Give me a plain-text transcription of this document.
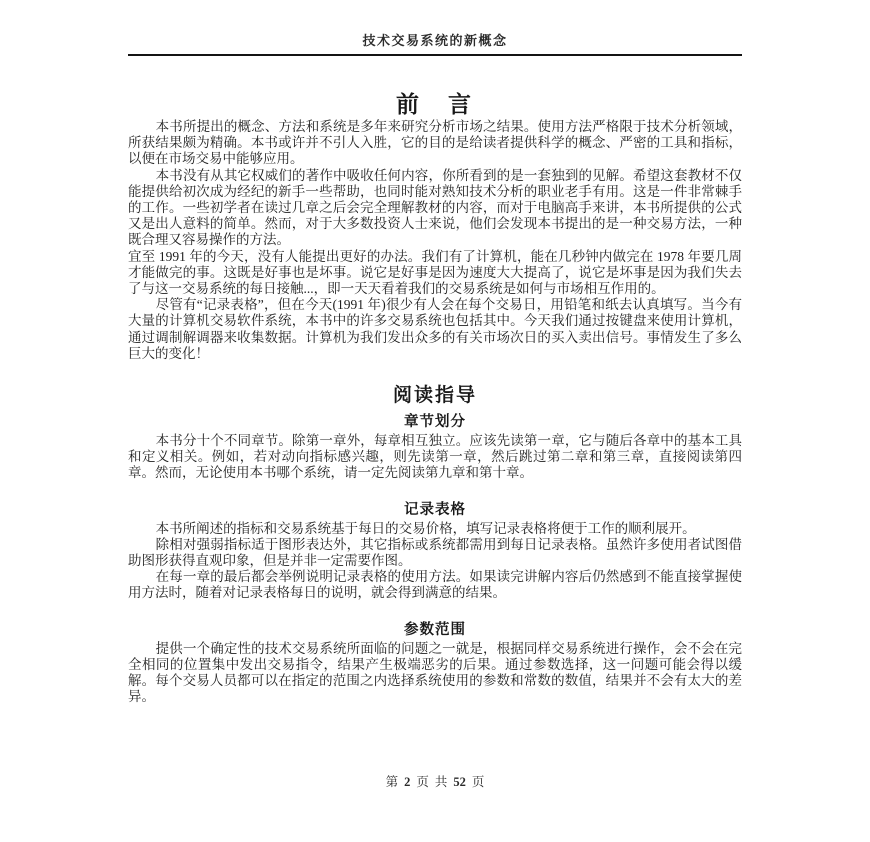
技术交易系统的新概念
前　言

本书所提出的概念、方法和系统是多年来研究分析市场之结果。使用方法严格限于技术分析领域，所获结果颇为精确。本书或许并不引人入胜，它的目的是给读者提供科学的概念、严密的工具和指标，以便在市场交易中能够应用。

本书没有从其它权威们的著作中吸收任何内容，你所看到的是一套独到的见解。希望这套教材不仅能提供给初次成为经纪的新手一些帮助，也同时能对熟知技术分析的职业老手有用。这是一件非常棘手的工作。一些初学者在读过几章之后会完全理解教材的内容，而对于电脑高手来讲，本书所提供的公式又是出人意料的简单。然而，对于大多数投资人士来说，他们会发现本书提出的是一种交易方法，一种既合理又容易操作的方法。

宜至 1991 年的今天，没有人能提出更好的办法。我们有了计算机，能在几秒钟内做完在 1978 年要几周才能做完的事。这既是好事也是坏事。说它是好事是因为速度大大提高了，说它是坏事是因为我们失去了与这一交易系统的每日接触...，即一天天看着我们的交易系统是如何与市场相互作用的。

尽管有“记录表格”，但在今天(1991 年)很少有人会在每个交易日，用铅笔和纸去认真填写。当今有大量的计算机交易软件系统，本书中的许多交易系统也包括其中。今天我们通过按键盘来使用计算机，通过调制解调器来收集数据。计算机为我们发出众多的有关市场次日的买入卖出信号。事情发生了多么巨大的变化！

阅读指导
章节划分

本书分十个不同章节。除第一章外，每章相互独立。应该先读第一章，它与随后各章中的基本工具和定义相关。例如，若对动向指标感兴趣，则先读第一章，然后跳过第二章和第三章，直接阅读第四章。然而，无论使用本书哪个系统，请一定先阅读第九章和第十章。

记录表格

本书所阐述的指标和交易系统基于每日的交易价格，填写记录表格将便于工作的顺利展开。

除相对强弱指标适于图形表达外，其它指标或系统都需用到每日记录表格。虽然许多使用者试图借助图形获得直观印象，但是并非一定需要作图。

在每一章的最后都会举例说明记录表格的使用方法。如果读完讲解内容后仍然感到不能直接掌握使用方法时，随着对记录表格每日的说明，就会得到满意的结果。

参数范围

提供一个确定性的技术交易系统所面临的问题之一就是，根据同样交易系统进行操作，会不会在完全相同的位置集中发出交易指令，结果产生极端恶劣的后果。通过参数选择，这一问题可能会得以缓解。每个交易人员都可以在指定的范围之内选择系统使用的参数和常数的数值，结果并不会有太大的差异。

第 2 页 共 52 页
